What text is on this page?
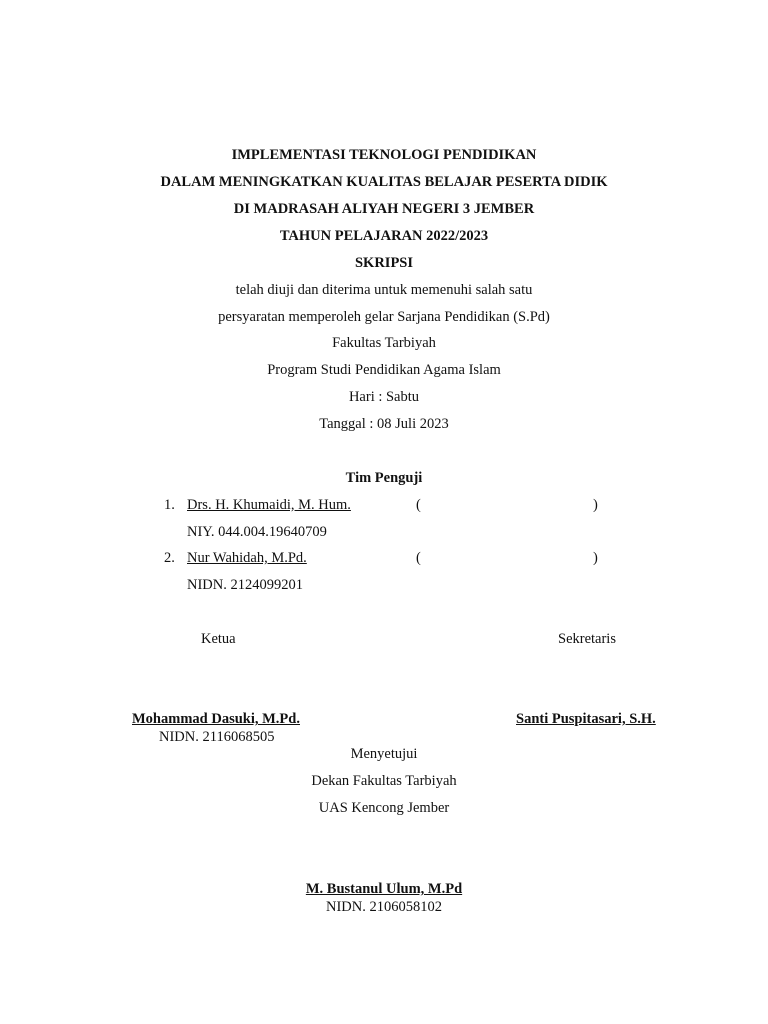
IMPLEMENTASI TEKNOLOGI PENDIDIKAN
DALAM MENINGKATKAN KUALITAS BELAJAR PESERTA DIDIK
DI MADRASAH ALIYAH NEGERI 3 JEMBER
TAHUN PELAJARAN 2022/2023
SKRIPSI
telah diuji dan diterima untuk memenuhi salah satu
persyaratan memperoleh gelar Sarjana Pendidikan (S.Pd)
Fakultas Tarbiyah
Program Studi Pendidikan Agama Islam
Hari : Sabtu
Tanggal : 08 Juli 2023
Tim Penguji
1. Drs. H. Khumaidi, M. Hum.	(	)
NIY. 044.004.19640709
2. Nur Wahidah, M.Pd.	(	)
NIDN. 2124099201
Ketua	Sekretaris
Mohammad Dasuki, M.Pd.
NIDN. 2116068505
Santi Puspitasari, S.H.
Menyetujui
Dekan Fakultas Tarbiyah
UAS Kencong Jember
M. Bustanul Ulum, M.Pd
NIDN. 2106058102
